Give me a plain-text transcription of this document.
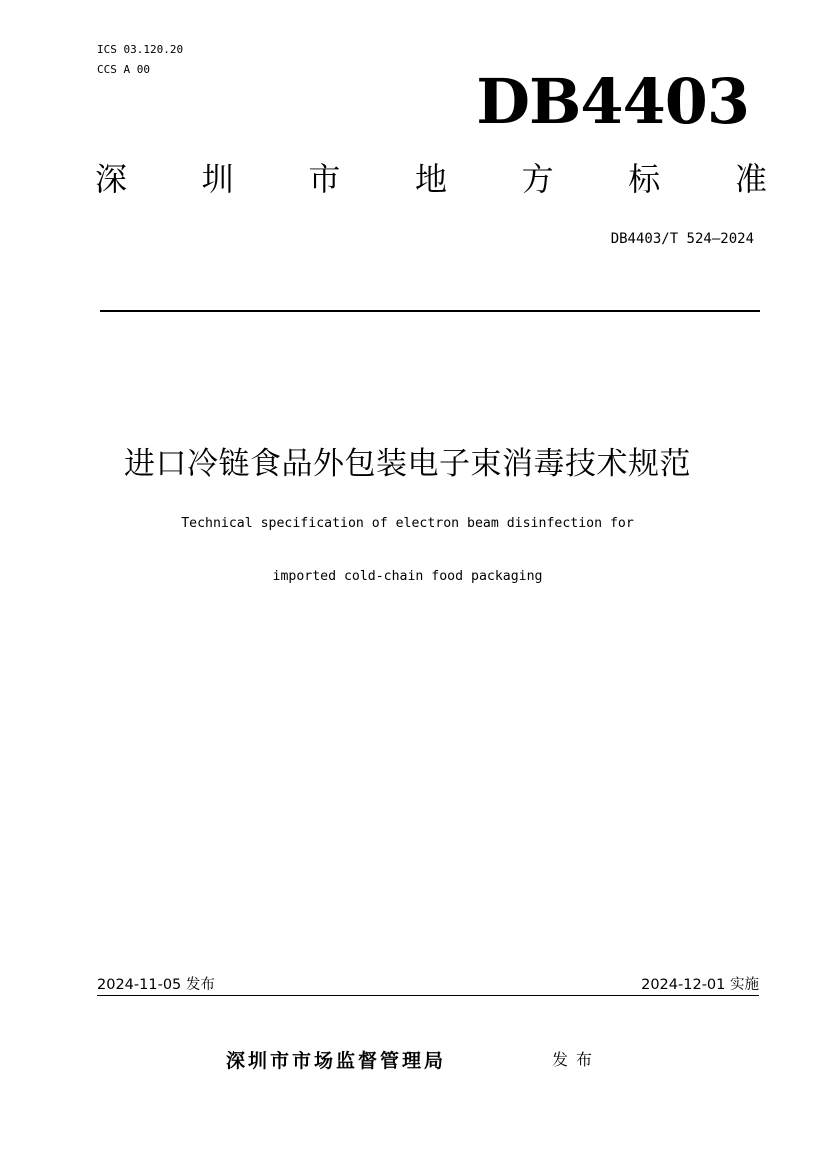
ICS 03.120.20
CCS A 00	DB4403
深 圳 市 地 方 标 准
DB4403/T 524—2024
进口冷链食品外包装电子束消毒技术规范
Technical specification of electron beam disinfection for
imported cold-chain food packaging
2024-11-05 发布	2024-12-01 实施
深圳市市场监督管理局	发布
